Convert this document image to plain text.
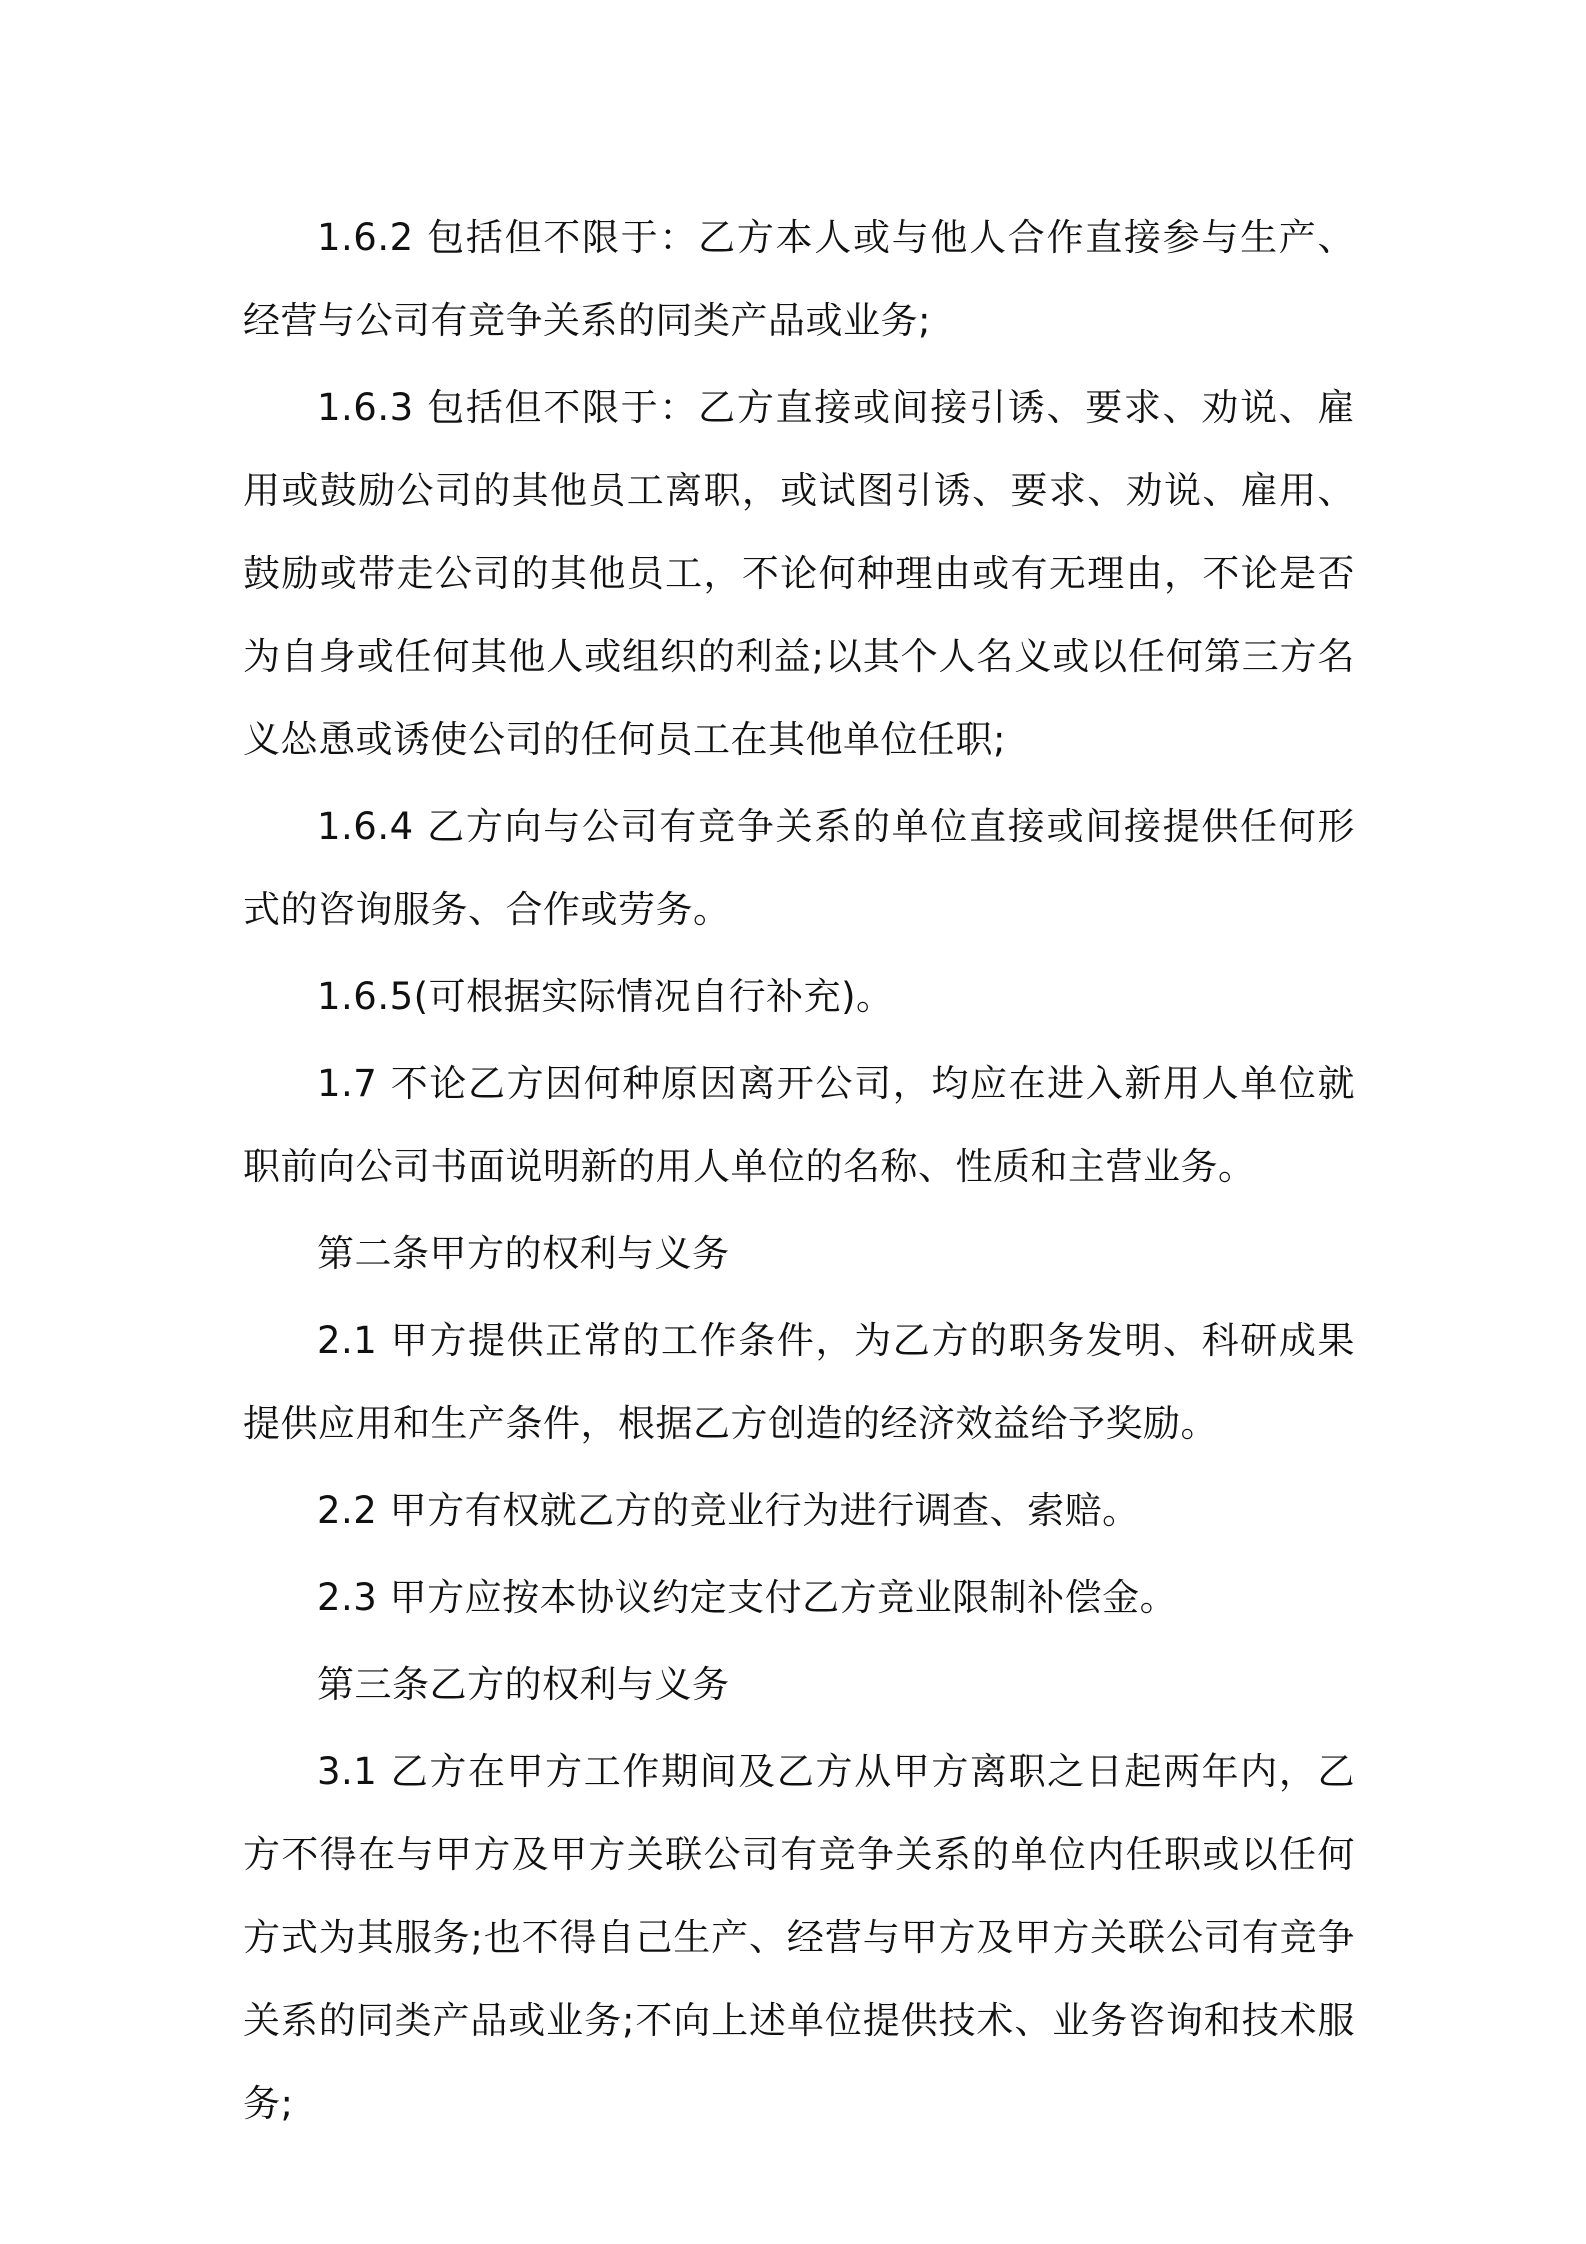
1.6.2 包括但不限于：乙方本人或与他人合作直接参与生产、经营与公司有竞争关系的同类产品或业务;

1.6.3 包括但不限于：乙方直接或间接引诱、要求、劝说、雇用或鼓励公司的其他员工离职，或试图引诱、要求、劝说、雇用、鼓励或带走公司的其他员工，不论何种理由或有无理由，不论是否为自身或任何其他人或组织的利益;以其个人名义或以任何第三方名义怂恿或诱使公司的任何员工在其他单位任职;

1.6.4 乙方向与公司有竞争关系的单位直接或间接提供任何形式的咨询服务、合作或劳务。

1.6.5(可根据实际情况自行补充)。

1.7 不论乙方因何种原因离开公司，均应在进入新用人单位就职前向公司书面说明新的用人单位的名称、性质和主营业务。

第二条甲方的权利与义务

2.1 甲方提供正常的工作条件，为乙方的职务发明、科研成果提供应用和生产条件，根据乙方创造的经济效益给予奖励。

2.2 甲方有权就乙方的竞业行为进行调查、索赔。

2.3 甲方应按本协议约定支付乙方竞业限制补偿金。

第三条乙方的权利与义务

3.1 乙方在甲方工作期间及乙方从甲方离职之日起两年内，乙方不得在与甲方及甲方关联公司有竞争关系的单位内任职或以任何方式为其服务;也不得自己生产、经营与甲方及甲方关联公司有竞争关系的同类产品或业务;不向上述单位提供技术、业务咨询和技术服务;
